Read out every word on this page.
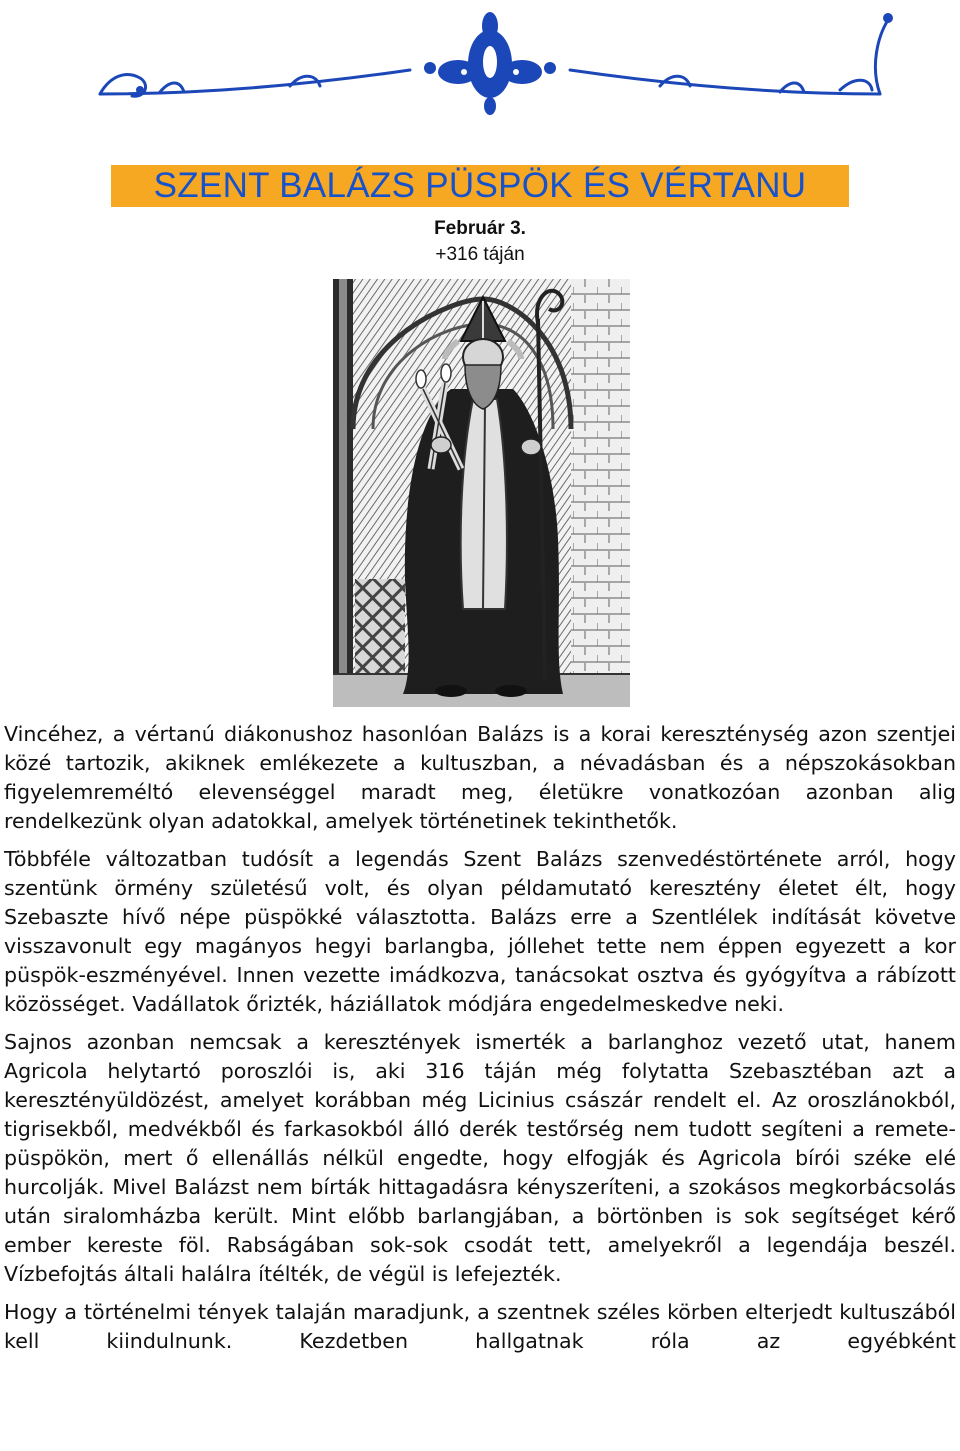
SZENT BALÁZS PÜSPÖK ÉS VÉRTANU
Február 3.
+316 táján

Vincéhez, a vértanú diákonushoz hasonlóan Balázs is a korai kereszténység azon szentjei közé tartozik, akiknek emlékezete a kultuszban, a névadásban és a népszokásokban figyelemreméltó elevenséggel maradt meg, életükre vonatkozóan azonban alig rendelkezünk olyan adatokkal, amelyek történetinek tekinthetők.

Többféle változatban tudósít a legendás Szent Balázs szenvedéstörténete arról, hogy szentünk örmény születésű volt, és olyan példamutató keresztény életet élt, hogy Szebaszte hívő népe püspökké választotta. Balázs erre a Szentlélek indítását követve visszavonult egy magányos hegyi barlangba, jóllehet tette nem éppen egyezett a kor püspök-eszményével. Innen vezette imádkozva, tanácsokat osztva és gyógyítva a rábízott közösséget. Vadállatok őrizték, háziállatok módjára engedelmeskedve neki.

Sajnos azonban nemcsak a keresztények ismerték a barlanghoz vezető utat, hanem Agricola helytartó poroszlói is, aki 316 táján még folytatta Szebasztéban azt a keresztényüldözést, amelyet korábban még Licinius császár rendelt el. Az oroszlánokból, tigrisekből, medvékből és farkasokból álló derék testőrség nem tudott segíteni a remete- püspökön, mert ő ellenállás nélkül engedte, hogy elfogják és Agricola bírói széke elé hurcolják. Mivel Balázst nem bírták hittagadásra kényszeríteni, a szokásos megkorbácsolás után siralomházba került. Mint előbb barlangjában, a börtönben is sok segítséget kérő ember kereste föl. Rabságában sok-sok csodát tett, amelyekről a legendája beszél. Vízbefojtás általi halálra ítélték, de végül is lefejezték.

Hogy a történelmi tények talaján maradjunk, a szentnek széles körben elterjedt kultuszából kell kiindulnunk. Kezdetben hallgatnak róla az egyébként
